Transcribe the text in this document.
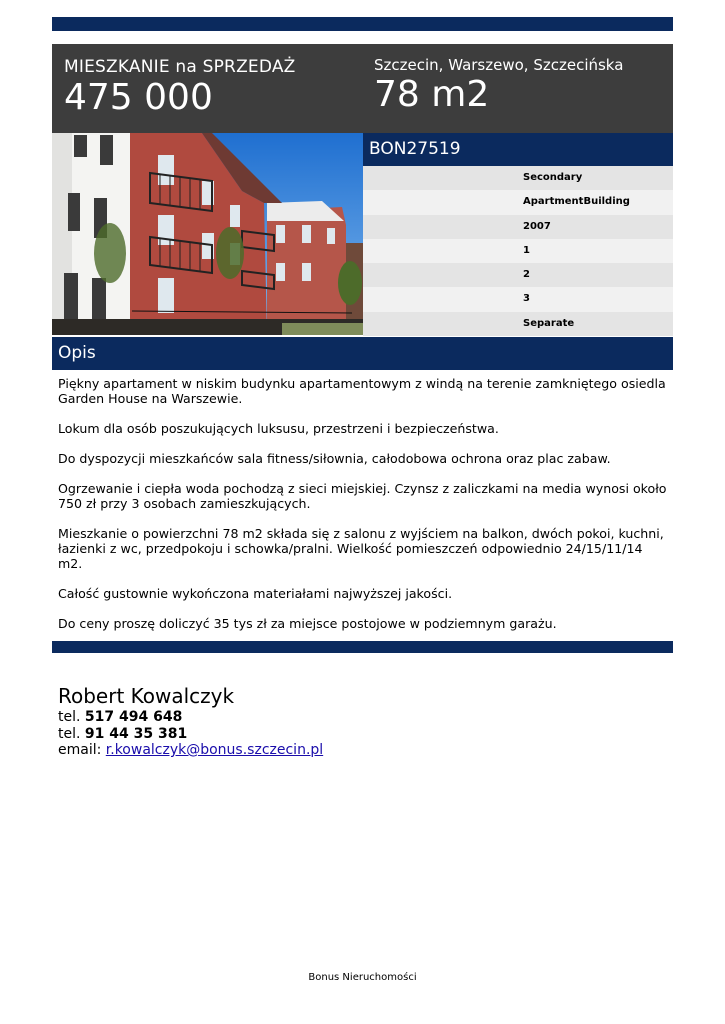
MIESZKANIE na SPRZEDAŻ
475 000
Szczecin, Warszewo, Szczecińska
78 m2
BON27519
Secondary
ApartmentBuilding
2007
1
2
3
Separate
Opis

Piękny apartament w niskim budynku apartamentowym z windą na terenie zamkniętego osiedla Garden House na Warszewie.

Lokum dla osób poszukujących luksusu, przestrzeni i bezpieczeństwa.

Do dyspozycji mieszkańców sala fitness/siłownia, całodobowa ochrona oraz plac zabaw.

Ogrzewanie i ciepła woda pochodzą z sieci miejskiej. Czynsz z zaliczkami na media wynosi około 750 zł przy 3 osobach zamieszkujących.

Mieszkanie o powierzchni 78 m2 składa się z salonu z wyjściem na balkon, dwóch pokoi, kuchni, łazienki z wc, przedpokoju i schowka/pralni. Wielkość pomieszczeń odpowiednio 24/15/11/14 m2.

Całość gustownie wykończona materiałami najwyższej jakości.

Do ceny proszę doliczyć 35 tys zł za miejsce postojowe w podziemnym garażu.

Robert Kowalczyk
tel. 517 494 648
tel. 91 44 35 381
email: r.kowalczyk@bonus.szczecin.pl
Bonus Nieruchomości
